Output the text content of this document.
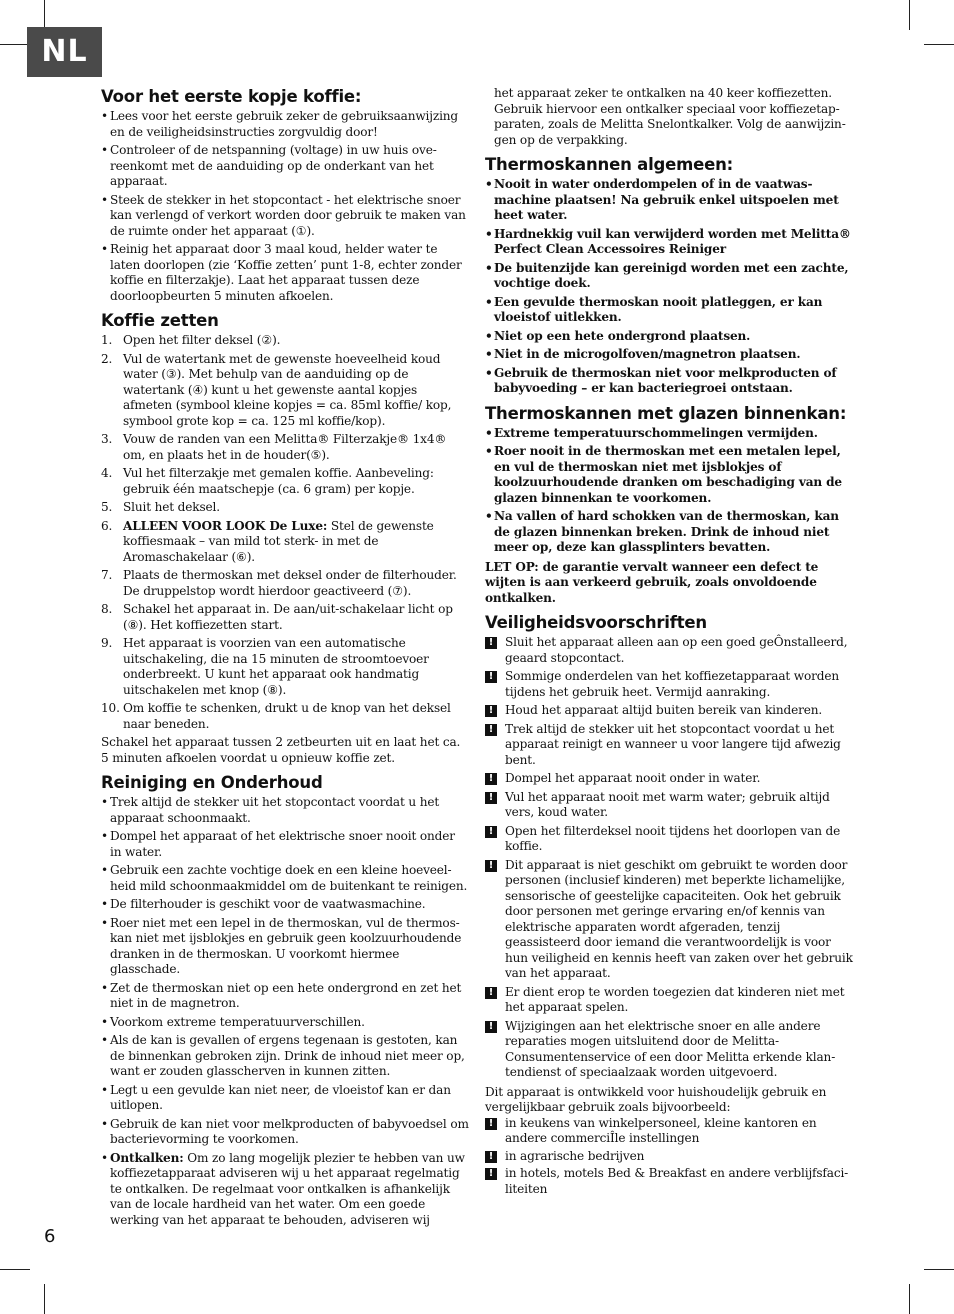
NL
6
Voor het eerste kopje koffie:
• Lees voor het eerste gebruik zeker de gebruiksaanwijzing en de veiligheidsinstructies zorgvuldig door!
• Controleer of de netspanning (voltage) in uw huis overeenkomt met de aanduiding op de onderkant van het apparaat.
• Steek de stekker in het stopcontact - het elektrische snoer kan verlengd of verkort worden door gebruik te maken van de ruimte onder het apparaat (①).
• Reinig het apparaat door 3 maal koud, helder water te laten doorlopen (zie ‘Koffie zetten’ punt 1-8, echter zonder koffie en filterzakje). Laat het apparaat tussen deze doorloopbeurten 5 minuten afkoelen.
Koffie zetten
1. Open het filter deksel (②).
2. Vul de watertank met de gewenste hoeveelheid koud water (③). Met behulp van de aanduiding op de watertank (④) kunt u het gewenste aantal kopjes afmeten (symbool kleine kopjes = ca. 85ml koffie/ kop, symbool grote kop = ca. 125 ml koffie/kop).
3. Vouw de randen van een Melitta® Filterzakje® 1x4® om, en plaats het in de houder(⑤).
4. Vul het filterzakje met gemalen koffie. Aanbeveling: gebruik één maatschepje (ca. 6 gram) per kopje.
5. Sluit het deksel.
6. ALLEEN VOOR LOOK De Luxe: Stel de gewenste koffiesmaak – van mild tot sterk- in met de Aromaschakelaar (⑥).
7. Plaats de thermoskan met deksel onder de filterhouder. De druppelstop wordt hierdoor geactiveerd (⑦).
8. Schakel het apparaat in. De aan/uit-schakelaar licht op (⑧). Het koffiezetten start.
9. Het apparaat is voorzien van een automatische uitschakeling, die na 15 minuten de stroomtoevoer onderbreekt. U kunt het apparaat ook handmatig uitschakelen met knop (⑧).
10. Om koffie te schenken, drukt u de knop van het deksel naar beneden.

Schakel het apparaat tussen 2 zetbeurten uit en laat het ca. 5 minuten afkoelen voordat u opnieuw koffie zet.

Reiniging en Onderhoud
• Trek altijd de stekker uit het stopcontact voordat u het apparaat schoonmaakt.
• Dompel het apparaat of het elektrische snoer nooit onder in water.
• Gebruik een zachte vochtige doek en een kleine hoeveelheid mild schoonmaakmiddel om de buitenkant te reinigen.
• De filterhouder is geschikt voor de vaatwasmachine.
• Roer niet met een lepel in de thermoskan, vul de thermoskan niet met ijsblokjes en gebruik geen koolzuurhoudende dranken in de thermoskan. U voorkomt hiermee glasschade.
• Zet de thermoskan niet op een hete ondergrond en zet het niet in de magnetron.
• Voorkom extreme temperatuurverschillen.
• Als de kan is gevallen of ergens tegenaan is gestoten, kan de binnenkan gebroken zijn. Drink de inhoud niet meer op, want er zouden glasscherven in kunnen zitten.
• Legt u een gevulde kan niet neer, de vloeistof kan er dan uitlopen.
• Gebruik de kan niet voor melkproducten of babyvoedsel om bacterievorming te voorkomen.
• Ontkalken: Om zo lang mogelijk plezier te hebben van uw koffiezetapparaat adviseren wij u het apparaat regelmatig te ontkalken. De regelmaat voor ontkalken is afhankelijk van de locale hardheid van het water. Om een goede werking van het apparaat te behouden, adviseren wij

het apparaat zeker te ontkalken na 40 keer koffiezetten. Gebruik hiervoor een ontkalker speciaal voor koffiezetapparaten, zoals de Melitta Snelontkalker. Volg de aanwijzingen op de verpakking.

Thermoskannen algemeen:
• Nooit in water onderdompelen of in de vaatwasmachine plaatsen! Na gebruik enkel uitspoelen met heet water.
• Hardnekkig vuil kan verwijderd worden met Melitta® Perfect Clean Accessoires Reiniger
• De buitenzijde kan gereinigd worden met een zachte, vochtige doek.
• Een gevulde thermoskan nooit platleggen, er kan vloeistof uitlekken.
• Niet op een hete ondergrond plaatsen.
• Niet in de microgolfoven/magnetron plaatsen.
• Gebruik de thermoskan niet voor melkproducten of babyvoeding – er kan bacteriegroei ontstaan.
Thermoskannen met glazen binnenkan:
• Extreme temperatuurschommelingen vermijden.
• Roer nooit in de thermoskan met een metalen lepel, en vul de thermoskan niet met ijsblokjes of koolzuurhoudende dranken om beschadiging van de glazen binnenkan te voorkomen.
• Na vallen of hard schokken van de thermoskan, kan de glazen binnenkan breken. Drink de inhoud niet meer op, deze kan glassplinters bevatten.

LET OP: de garantie vervalt wanneer een defect te wijten is aan verkeerd gebruik, zoals onvoldoende ontkalken.

Veiligheidsvoorschriften
! Sluit het apparaat alleen aan op een goed geÔnstalleerd, geaard stopcontact.
! Sommige onderdelen van het koffiezetapparaat worden tijdens het gebruik heet. Vermijd aanraking.
! Houd het apparaat altijd buiten bereik van kinderen.
! Trek altijd de stekker uit het stopcontact voordat u het apparaat reinigt en wanneer u voor langere tijd afwezig bent.
! Dompel het apparaat nooit onder in water.
! Vul het apparaat nooit met warm water; gebruik altijd vers, koud water.
! Open het filterdeksel nooit tijdens het doorlopen van de koffie.
! Dit apparaat is niet geschikt om gebruikt te worden door personen (inclusief kinderen) met beperkte lichamelijke, sensorische of geestelijke capaciteiten. Ook het gebruik door personen met geringe ervaring en/of kennis van elektrische apparaten wordt afgeraden, tenzij geassisteerd door iemand die verantwoordelijk is voor hun veiligheid en kennis heeft van zaken over het gebruik van het apparaat.
! Er dient erop te worden toegezien dat kinderen niet met het apparaat spelen.
! Wijzigingen aan het elektrische snoer en alle andere reparaties mogen uitsluitend door de Melitta-Consumentenservice of een door Melitta erkende klantendienst of speciaalzaak worden uitgevoerd.

Dit apparaat is ontwikkeld voor huishoudelijk gebruik en vergelijkbaar gebruik zoals bijvoorbeeld:

! in keukens van winkelpersoneel, kleine kantoren en andere commerciÎle instellingen
! in agrarische bedrijven
! in hotels, motels Bed & Breakfast en andere verblijfsfaciliteiten
